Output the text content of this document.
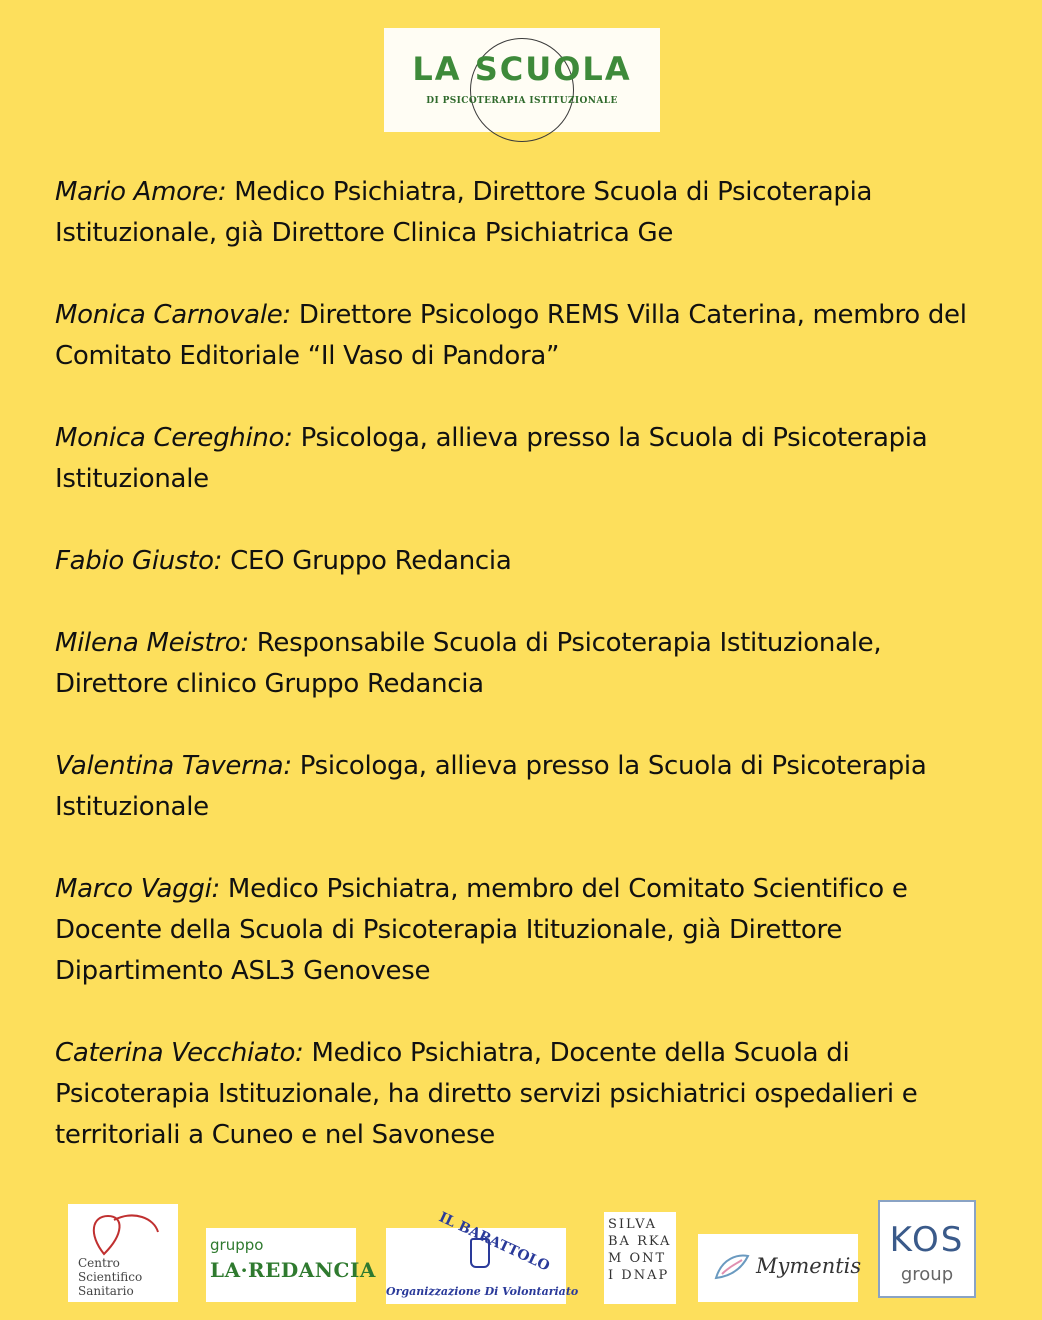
LA SCUOLA
DI PSICOTERAPIA ISTITUZIONALE
Mario Amore: Medico Psichiatra, Direttore Scuola di Psicoterapia Istituzionale, già Direttore Clinica Psichiatrica Ge
Monica Carnovale: Direttore Psicologo REMS Villa Caterina, membro del Comitato Editoriale “Il Vaso di Pandora”
Monica Cereghino: Psicologa, allieva presso la Scuola di Psicoterapia Istituzionale
Fabio Giusto: CEO Gruppo Redancia
Milena Meistro: Responsabile Scuola di Psicoterapia Istituzionale, Direttore clinico Gruppo Redancia
Valentina Taverna: Psicologa, allieva presso la Scuola di Psicoterapia Istituzionale
Marco Vaggi: Medico Psichiatra, membro del Comitato Scientifico e Docente della Scuola di Psicoterapia Itituzionale, già Direttore Dipartimento ASL3 Genovese
Caterina Vecchiato: Medico Psichiatra, Docente della Scuola di Psicoterapia Istituzionale, ha diretto servizi psichiatrici ospedalieri e territoriali a Cuneo e nel Savonese
Centro Scientifico Sanitario
gruppo
LA·REDANCIA	IL BARATTOLO
Organizzazione Di Volontariato
SILVA BA RKAM ONTI DNAP	Mymentis
KOS
group
